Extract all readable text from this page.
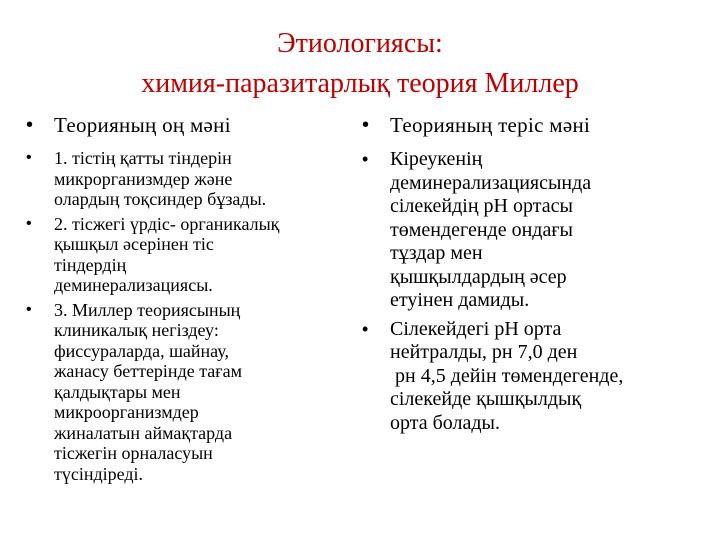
Этиологиясы:
химия-паразитарлық теория Миллер
• Теорияның оң мәні
• 1. тістің қатты тіндерін
микрорганизмдер және
олардың тоқсиндер бұзады.
• 2. тісжегі үрдіс- органикалық
қышқыл әсерінен тіс
тіндердің
деминерализациясы.
• 3. Миллер теориясының
клиникалық негіздеу:
фиссураларда, шайнау,
жанасу беттерінде тағам
қалдықтары мен
микроорганизмдер
жиналатын аймақтарда
тісжегін орналасуын
түсіндіреді.
• Теорияның теріс мәні
• Кіреукенің
деминерализациясында
сілекейдің рН ортасы
төмендегенде ондағы
тұздар мен
қышқылдардың әсер
етуінен дамиды.
• Сілекейдегі рН орта
нейтралды, рн 7,0 ден
рн 4,5 дейін төмендегенде,
сілекейде қышқылдық
орта болады.
